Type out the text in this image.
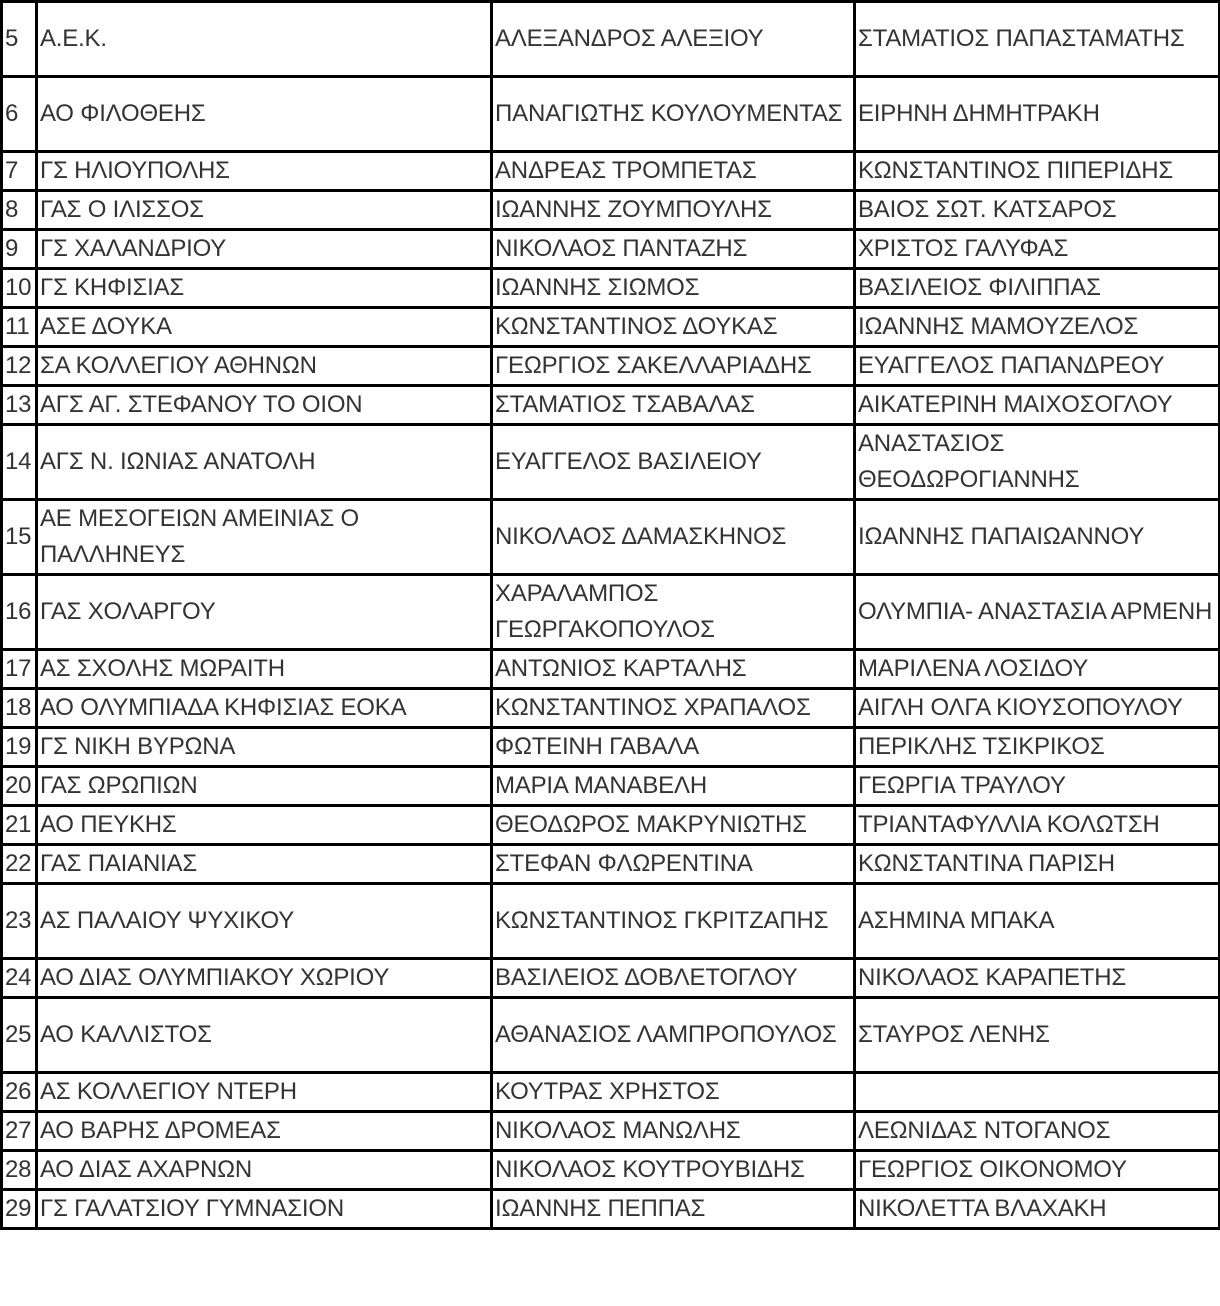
5	Α.Ε.Κ.	ΑΛΕΞΑΝΔΡΟΣ ΑΛΕΞΙΟΥ	ΣΤΑΜΑΤΙΟΣ ΠΑΠΑΣΤΑΜΑΤΗΣ
6	ΑΟ ΦΙΛΟΘΕΗΣ	ΠΑΝΑΓΙΩΤΗΣ ΚΟΥΛΟΥΜΕΝΤΑΣ	ΕΙΡΗΝΗ ΔΗΜΗΤΡΑΚΗ
7	ΓΣ ΗΛΙΟΥΠΟΛΗΣ	ΑΝΔΡΕΑΣ ΤΡΟΜΠΕΤΑΣ	ΚΩΝΣΤΑΝΤΙΝΟΣ ΠΙΠΕΡΙΔΗΣ
8	ΓΑΣ Ο ΙΛΙΣΣΟΣ	ΙΩΑΝΝΗΣ ΖΟΥΜΠΟΥΛΗΣ	ΒΑΙΟΣ ΣΩΤ. ΚΑΤΣΑΡΟΣ
9	ΓΣ ΧΑΛΑΝΔΡΙΟΥ	ΝΙΚΟΛΑΟΣ ΠΑΝΤΑΖΗΣ	ΧΡΙΣΤΟΣ ΓΑΛΥΦΑΣ
10	ΓΣ ΚΗΦΙΣΙΑΣ	ΙΩΑΝΝΗΣ ΣΙΩΜΟΣ	ΒΑΣΙΛΕΙΟΣ ΦΙΛΙΠΠΑΣ
11	ΑΣΕ ΔΟΥΚΑ	ΚΩΝΣΤΑΝΤΙΝΟΣ ΔΟΥΚΑΣ	ΙΩΑΝΝΗΣ ΜΑΜΟΥΖΕΛΟΣ
12	ΣΑ ΚΟΛΛΕΓΙΟΥ ΑΘΗΝΩΝ	ΓΕΩΡΓΙΟΣ ΣΑΚΕΛΛΑΡΙΑΔΗΣ	ΕΥΑΓΓΕΛΟΣ ΠΑΠΑΝΔΡΕΟΥ
13	ΑΓΣ ΑΓ. ΣΤΕΦΑΝΟΥ ΤΟ ΟΙΟΝ	ΣΤΑΜΑΤΙΟΣ ΤΣΑΒΑΛΑΣ	ΑΙΚΑΤΕΡΙΝΗ ΜΑΙΧΟΣΟΓΛΟΥ
14	ΑΓΣ Ν. ΙΩΝΙΑΣ ΑΝΑΤΟΛΗ	ΕΥΑΓΓΕΛΟΣ ΒΑΣΙΛΕΙΟΥ	ΑΝΑΣΤΑΣΙΟΣ ΘΕΟΔΩΡΟΓΙΑΝΝΗΣ
15	ΑΕ ΜΕΣΟΓΕΙΩΝ ΑΜΕΙΝΙΑΣ Ο ΠΑΛΛΗΝΕΥΣ	ΝΙΚΟΛΑΟΣ ΔΑΜΑΣΚΗΝΟΣ	ΙΩΑΝΝΗΣ ΠΑΠΑΙΩΑΝΝΟΥ
16	ΓΑΣ ΧΟΛΑΡΓΟΥ	ΧΑΡΑΛΑΜΠΟΣ ΓΕΩΡΓΑΚΟΠΟΥΛΟΣ	ΟΛΥΜΠΙΑ- ΑΝΑΣΤΑΣΙΑ ΑΡΜΕΝΗ
17	ΑΣ ΣΧΟΛΗΣ ΜΩΡΑΙΤΗ	ΑΝΤΩΝΙΟΣ ΚΑΡΤΑΛΗΣ	ΜΑΡΙΛΕΝΑ ΛΟΣΙΔΟΥ
18	ΑΟ ΟΛΥΜΠΙΑΔΑ ΚΗΦΙΣΙΑΣ ΕΟΚΑ	ΚΩΝΣΤΑΝΤΙΝΟΣ ΧΡΑΠΑΛΟΣ	ΑΙΓΛΗ ΟΛΓΑ ΚΙΟΥΣΟΠΟΥΛΟΥ
19	ΓΣ ΝΙΚΗ ΒΥΡΩΝΑ	ΦΩΤΕΙΝΗ ΓΑΒΑΛΑ	ΠΕΡΙΚΛΗΣ ΤΣΙΚΡΙΚΟΣ
20	ΓΑΣ ΩΡΩΠΙΩΝ	ΜΑΡΙΑ ΜΑΝΑΒΕΛΗ	ΓΕΩΡΓΙΑ ΤΡΑΥΛΟΥ
21	ΑΟ ΠΕΥΚΗΣ	ΘΕΟΔΩΡΟΣ ΜΑΚΡΥΝΙΩΤΗΣ	ΤΡΙΑΝΤΑΦΥΛΛΙΑ ΚΟΛΩΤΣΗ
22	ΓΑΣ ΠΑΙΑΝΙΑΣ	ΣΤΕΦΑΝ ΦΛΩΡΕΝΤΙΝΑ	ΚΩΝΣΤΑΝΤΙΝΑ ΠΑΡΙΣΗ
23	ΑΣ ΠΑΛΑΙΟΥ ΨΥΧΙΚΟΥ	ΚΩΝΣΤΑΝΤΙΝΟΣ ΓΚΡΙΤΖΑΠΗΣ	ΑΣΗΜΙΝΑ ΜΠΑΚΑ
24	ΑΟ ΔΙΑΣ ΟΛΥΜΠΙΑΚΟΥ ΧΩΡΙΟΥ	ΒΑΣΙΛΕΙΟΣ ΔΟΒΛΕΤΟΓΛΟΥ	ΝΙΚΟΛΑΟΣ ΚΑΡΑΠΕΤΗΣ
25	ΑΟ ΚΑΛΛΙΣΤΟΣ	ΑΘΑΝΑΣΙΟΣ ΛΑΜΠΡΟΠΟΥΛΟΣ	ΣΤΑΥΡΟΣ ΛΕΝΗΣ
26	ΑΣ ΚΟΛΛΕΓΙΟΥ ΝΤΕΡΗ	ΚΟΥΤΡΑΣ ΧΡΗΣΤΟΣ	
27	ΑΟ ΒΑΡΗΣ ΔΡΟΜΕΑΣ	ΝΙΚΟΛΑΟΣ ΜΑΝΩΛΗΣ	ΛΕΩΝΙΔΑΣ ΝΤΟΓΑΝΟΣ
28	ΑΟ ΔΙΑΣ ΑΧΑΡΝΩΝ	ΝΙΚΟΛΑΟΣ ΚΟΥΤΡΟΥΒΙΔΗΣ	ΓΕΩΡΓΙΟΣ ΟΙΚΟΝΟΜΟΥ
29	ΓΣ ΓΑΛΑΤΣΙΟΥ ΓΥΜΝΑΣΙΟΝ	ΙΩΑΝΝΗΣ ΠΕΠΠΑΣ	ΝΙΚΟΛΕΤΤΑ ΒΛΑΧΑΚΗ
